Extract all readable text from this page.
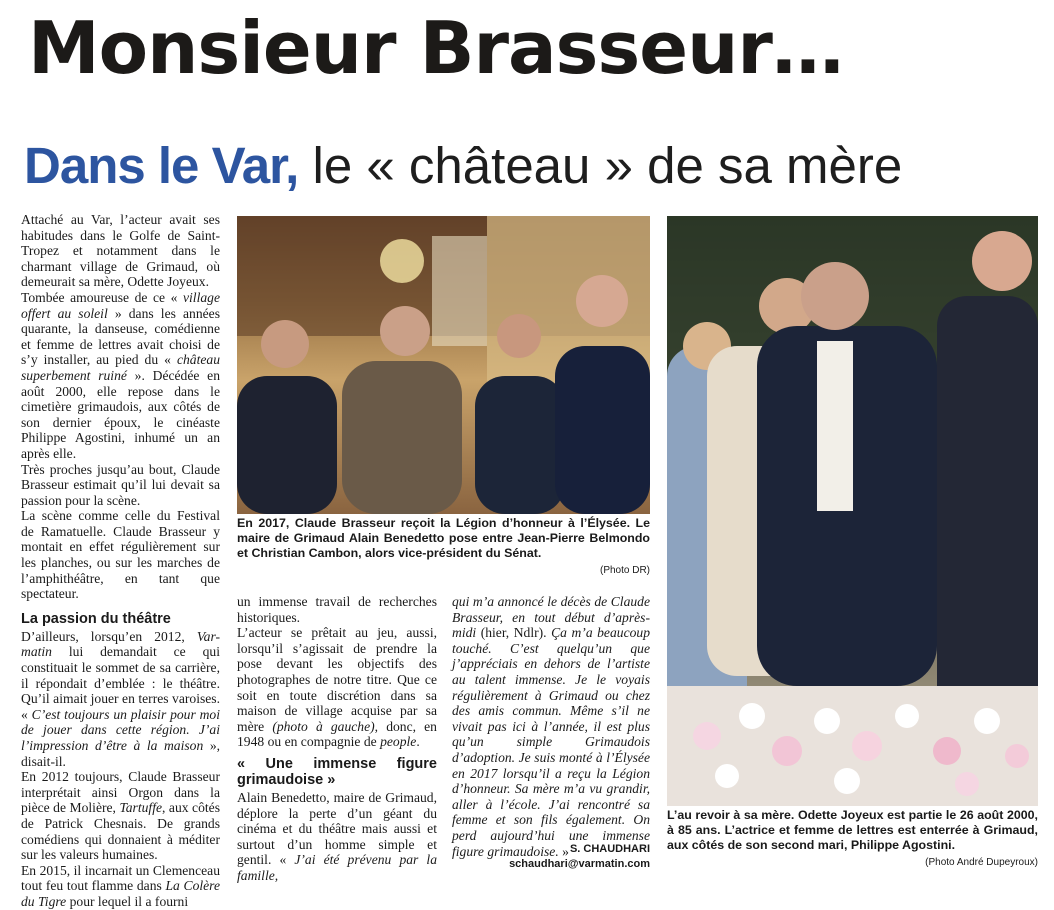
Monsieur Brasseur…
Dans le Var, le « château » de sa mère

Attaché au Var, l’acteur avait ses habitudes dans le Golfe de Saint-Tropez et notamment dans le charmant village de Grimaud, où demeurait sa mère, Odette Joyeux.

Tombée amoureuse de ce « village offert au soleil » dans les années quarante, la danseuse, comédienne et femme de lettres avait choisi de s’y installer, au pied du « château superbement ruiné ». Décédée en août 2000, elle repose dans le cimetière grimaudois, aux côtés de son dernier époux, le cinéaste Philippe Agostini, inhumé un an après elle.

Très proches jusqu’au bout, Claude Brasseur estimait qu’il lui devait sa passion pour la scène.

La scène comme celle du Festival de Ramatuelle. Claude Brasseur y montait en effet régulièrement sur les planches, ou sur les marches de l’amphithéâtre, en tant que spectateur.

La passion du théâtre

D’ailleurs, lorsqu’en 2012, Var-matin lui demandait ce qui constituait le sommet de sa carrière, il répondait d’emblée : le théâtre. Qu’il aimait jouer en terres varoises. « C’est toujours un plaisir pour moi de jouer dans cette région. J’ai l’impression d’être à la maison », disait-il.

En 2012 toujours, Claude Brasseur interprétait ainsi Orgon dans la pièce de Molière, Tartuffe, aux côtés de Patrick Chesnais. De grands comédiens qui donnaient à méditer sur les valeurs humaines.

En 2015, il incarnait un Clemenceau tout feu tout flamme dans La Colère du Tigre pour lequel il a fourni

En 2017, Claude Brasseur reçoit la Légion d’honneur à l’Élysée. Le maire de Grimaud Alain Benedetto pose entre Jean-Pierre Belmondo et Christian Cambon, alors vice-président du Sénat.
(Photo DR)
L’au revoir à sa mère. Odette Joyeux est partie le 26 août 2000, à 85 ans. L’actrice et femme de lettres est enterrée à Grimaud, aux côtés de son second mari, Philippe Agostini.
(Photo André Dupeyroux)

un immense travail de recherches historiques.

L’acteur se prêtait au jeu, aussi, lorsqu’il s’agissait de prendre la pose devant les objectifs des photographes de notre titre. Que ce soit en toute discrétion dans sa maison de village acquise par sa mère (photo à gauche), donc, en 1948 ou en compagnie de people.

« Une immense figure grimaudoise »

Alain Benedetto, maire de Grimaud, déplore la perte d’un géant du cinéma et du théâtre mais aussi et surtout d’un homme simple et gentil. « J’ai été prévenu par la famille,

qui m’a annoncé le décès de Claude Brasseur, en tout début d’après-midi (hier, Ndlr). Ça m’a beaucoup touché. C’est quelqu’un que j’appréciais en dehors de l’artiste au talent immense. Je le voyais régulièrement à Grimaud ou chez des amis commun. Même s’il ne vivait pas ici à l’année, il est plus qu’un simple Grimaudois d’adoption. Je suis monté à l’Élysée en 2017 lorsqu’il a reçu la Légion d’honneur. Sa mère m’a vu grandir, aller à l’école. J’ai rencontré sa femme et son fils également. On perd aujourd’hui une immense figure grimaudoise. » S. CHAUDHARI
schaudhari@varmatin.com
